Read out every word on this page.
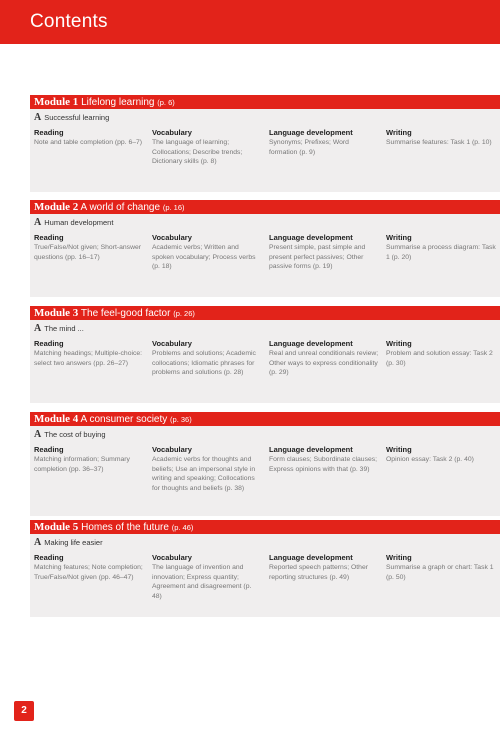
Contents
Module 1 Lifelong learning (p. 6)
A Successful learning
Reading
Note and table completion (pp. 6–7)
Vocabulary
The language of learning; Collocations; Describe trends; Dictionary skills (p. 8)
Language development
Synonyms; Prefixes; Word formation (p. 9)
Writing
Summarise features: Task 1 (p. 10)
Module 2 A world of change (p. 16)
A Human development
Reading
True/False/Not given; Short-answer questions (pp. 16–17)
Vocabulary
Academic verbs; Written and spoken vocabulary; Process verbs (p. 18)
Language development
Present simple, past simple and present perfect passives; Other passive forms (p. 19)
Writing
Summarise a process diagram: Task 1 (p. 20)
Module 3 The feel-good factor (p. 26)
A The mind ...
Reading
Matching headings; Multiple-choice: select two answers (pp. 26–27)
Vocabulary
Problems and solutions; Academic collocations; Idiomatic phrases for problems and solutions (p. 28)
Language development
Real and unreal conditionals review; Other ways to express conditionality (p. 29)
Writing
Problem and solution essay: Task 2 (p. 30)
Module 4 A consumer society (p. 36)
A The cost of buying
Reading
Matching information; Summary completion (pp. 36–37)
Vocabulary
Academic verbs for thoughts and beliefs; Use an impersonal style in writing and speaking; Collocations for thoughts and beliefs (p. 38)
Language development
Form clauses; Subordinate clauses; Express opinions with that (p. 39)
Writing
Opinion essay: Task 2 (p. 40)
Module 5 Homes of the future (p. 46)
A Making life easier
Reading
Matching features; Note completion; True/False/Not given (pp. 46–47)
Vocabulary
The language of invention and innovation; Express quantity; Agreement and disagreement (p. 48)
Language development
Reported speech patterns; Other reporting structures (p. 49)
Writing
Summarise a graph or chart: Task 1 (p. 50)
2
